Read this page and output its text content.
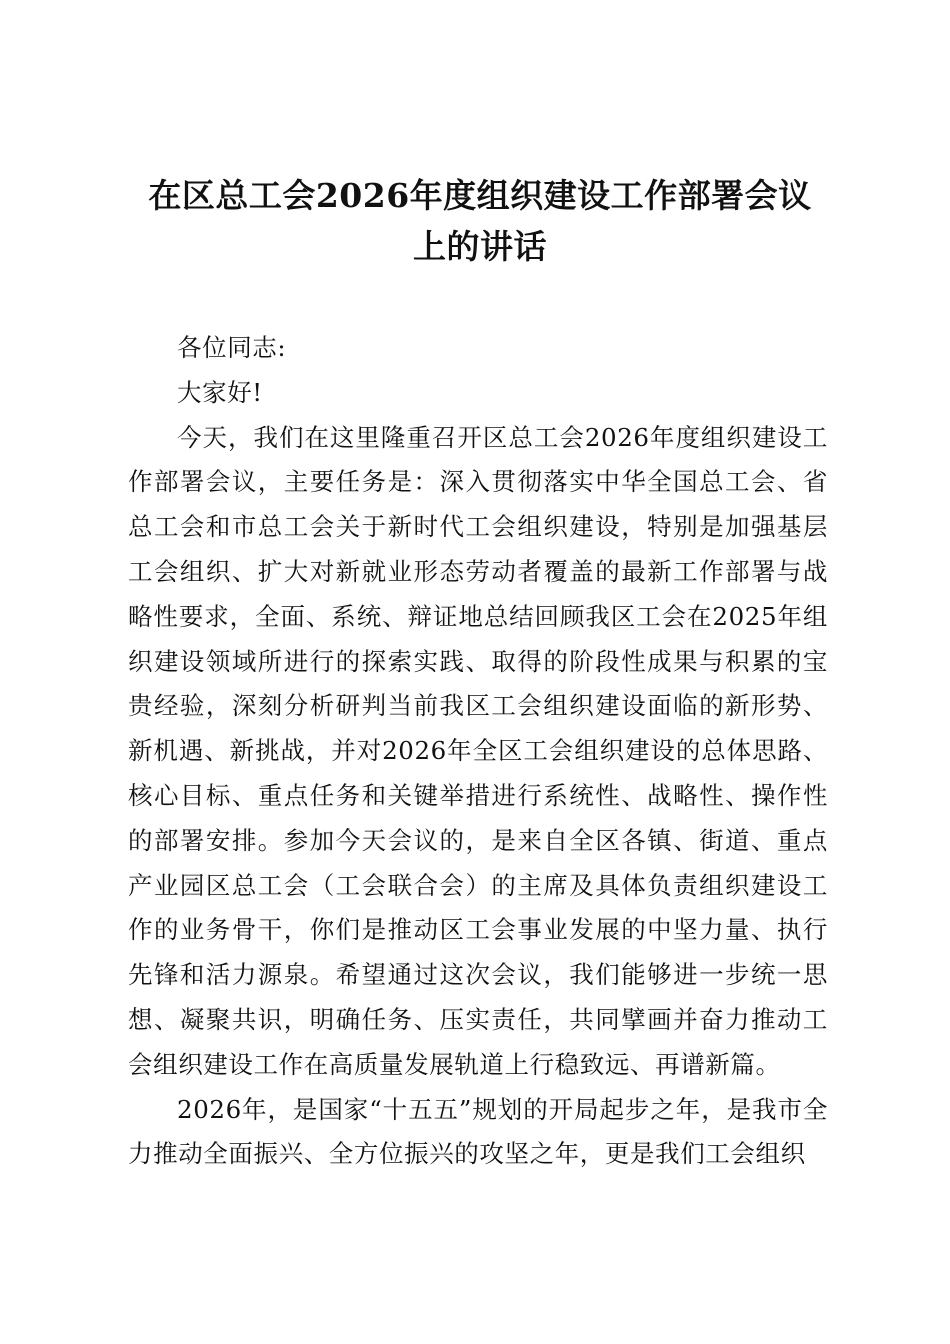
在区总工会2026年度组织建设工作部署会议
上的讲话

各位同志:

大家好!

今天，我们在这里隆重召开区总工会2026年度组织建设工作部署会议，主要任务是：深入贯彻落实中华全国总工会、省总工会和市总工会关于新时代工会组织建设，特别是加强基层工会组织、扩大对新就业形态劳动者覆盖的最新工作部署与战略性要求，全面、系统、辩证地总结回顾我区工会在2025年组织建设领域所进行的探索实践、取得的阶段性成果与积累的宝贵经验，深刻分析研判当前我区工会组织建设面临的新形势、新机遇、新挑战，并对2026年全区工会组织建设的总体思路、核心目标、重点任务和关键举措进行系统性、战略性、操作性的部署安排。参加今天会议的，是来自全区各镇、街道、重点产业园区总工会（工会联合会）的主席及具体负责组织建设工作的业务骨干，你们是推动区工会事业发展的中坚力量、执行先锋和活力源泉。希望通过这次会议，我们能够进一步统一思想、凝聚共识，明确任务、压实责任，共同擘画并奋力推动工会组织建设工作在高质量发展轨道上行稳致远、再谱新篇。

2026年，是国家“十五五”规划的开局起步之年，是我市全力推动全面振兴、全方位振兴的攻坚之年，更是我们工会组织
